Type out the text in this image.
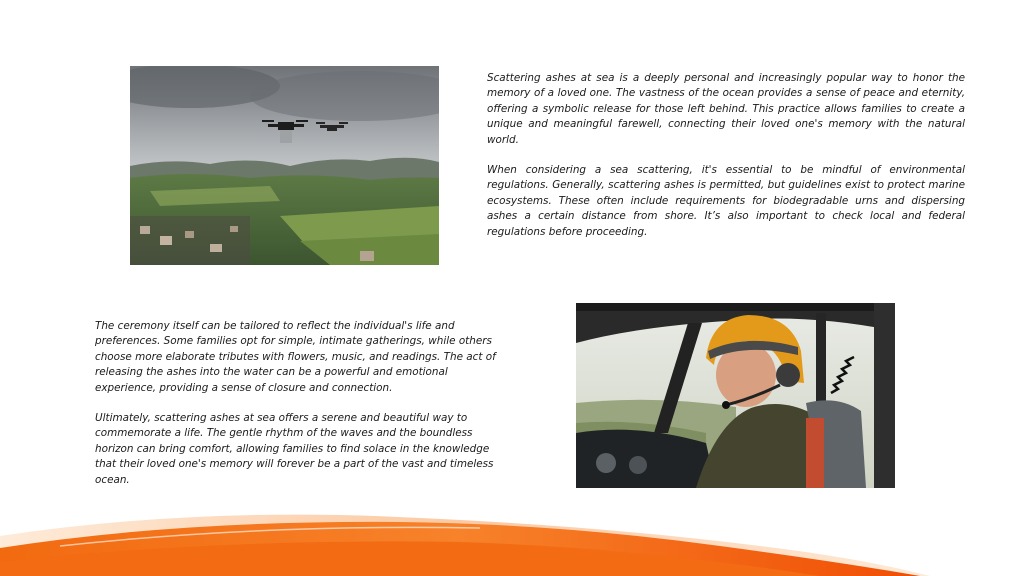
Scattering ashes at sea is a deeply personal and increasingly popular way to honor the memory of a loved one. The vastness of the ocean provides a sense of peace and eternity, offering a symbolic release for those left behind. This practice allows families to create a unique and meaningful farewell, connecting their loved one's memory with the natural world.

When considering a sea scattering, it's essential to be mindful of environmental regulations. Generally, scattering ashes is permitted, but guidelines exist to protect marine ecosystems. These often include requirements for biodegradable urns and dispersing ashes a certain distance from shore. It’s also important to check local and federal regulations before proceeding.

The ceremony itself can be tailored to reflect the individual's life and preferences. Some families opt for simple, intimate gatherings, while others choose more elaborate tributes with flowers, music, and readings. The act of releasing the ashes into the water can be a powerful and emotional experience, providing a sense of closure and connection.

Ultimately, scattering ashes at sea offers a serene and beautiful way to commemorate a life. The gentle rhythm of the waves and the boundless horizon can bring comfort, allowing families to find solace in the knowledge that their loved one's memory will forever be a part of the vast and timeless ocean.
